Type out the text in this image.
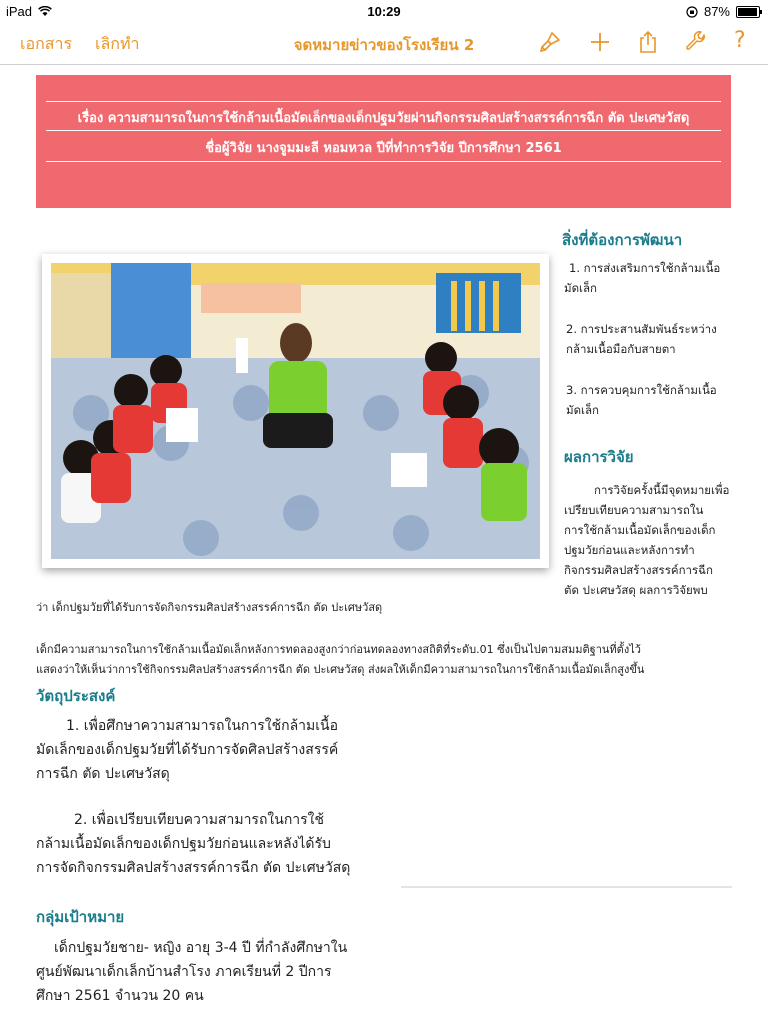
iPad	10:29	87%
เอกสาร เลิกทำ	จดหมายข่าวของโรงเรียน 2	?
เรื่อง ความสามารถในการใช้กล้ามเนื้อมัดเล็กของเด็กปฐมวัยผ่านกิจกรรมศิลปสร้างสรรค์การฉีก ตัด ปะเศษวัสดุ
ชื่อผู้วิจัย นางจูมมะลี หอมหวล ปีที่ทำการวิจัย ปีการศึกษา 2561
สิ่งที่ต้องการพัฒนา
1. การส่งเสริมการใช้กล้ามเนื้อ
มัดเล็ก
2. การประสานสัมพันธ์ระหว่าง
กล้ามเนื้อมือกับสายตา
3. การควบคุมการใช้กล้ามเนื้อ
มัดเล็ก
ผลการวิจัย
การวิจัยครั้งนี้มีจุดหมายเพื่อ
เปรียบเทียบความสามารถใน
การใช้กล้ามเนื้อมัดเล็กของเด็ก
ปฐมวัยก่อนและหลังการทำ
กิจกรรมศิลปสร้างสรรค์การฉีก
ตัด ปะเศษวัสดุ ผลการวิจัยพบ
ว่า เด็กปฐมวัยที่ได้รับการจัดกิจกรรมศิลปสร้างสรรค์การฉีก ตัด ปะเศษวัสดุ
เด็กมีความสามารถในการใช้กล้ามเนื้อมัดเล็กหลังการทดลองสูงกว่าก่อนทดลองทางสถิติที่ระดับ.01 ซึ่งเป็นไปตามสมมติฐานที่ตั้งไว้
แสดงว่าให้เห็นว่าการใช้กิจกรรมศิลปสร้างสรรค์การฉีก ตัด ปะเศษวัสดุ ส่งผลให้เด็กมีความสามารถในการใช้กล้ามเนื้อมัดเล็กสูงขึ้น
วัตถุประสงค์
1. เพื่อศึกษาความสามารถในการใช้กล้ามเนื้อ
มัดเล็กของเด็กปฐมวัยที่ได้รับการจัดศิลปสร้างสรรค์
การฉีก ตัด ปะเศษวัสดุ
2. เพื่อเปรียบเทียบความสามารถในการใช้
กล้ามเนื้อมัดเล็กของเด็กปฐมวัยก่อนและหลังได้รับ
การจัดกิจกรรมศิลปสร้างสรรค์การฉีก ตัด ปะเศษวัสดุ
กลุ่มเป้าหมาย
เด็กปฐมวัยชาย- หญิง อายุ 3-4 ปี ที่กำลังศึกษาใน
ศูนย์พัฒนาเด็กเล็กบ้านสำโรง ภาคเรียนที่ 2 ปีการ
ศึกษา 2561 จำนวน 20 คน
